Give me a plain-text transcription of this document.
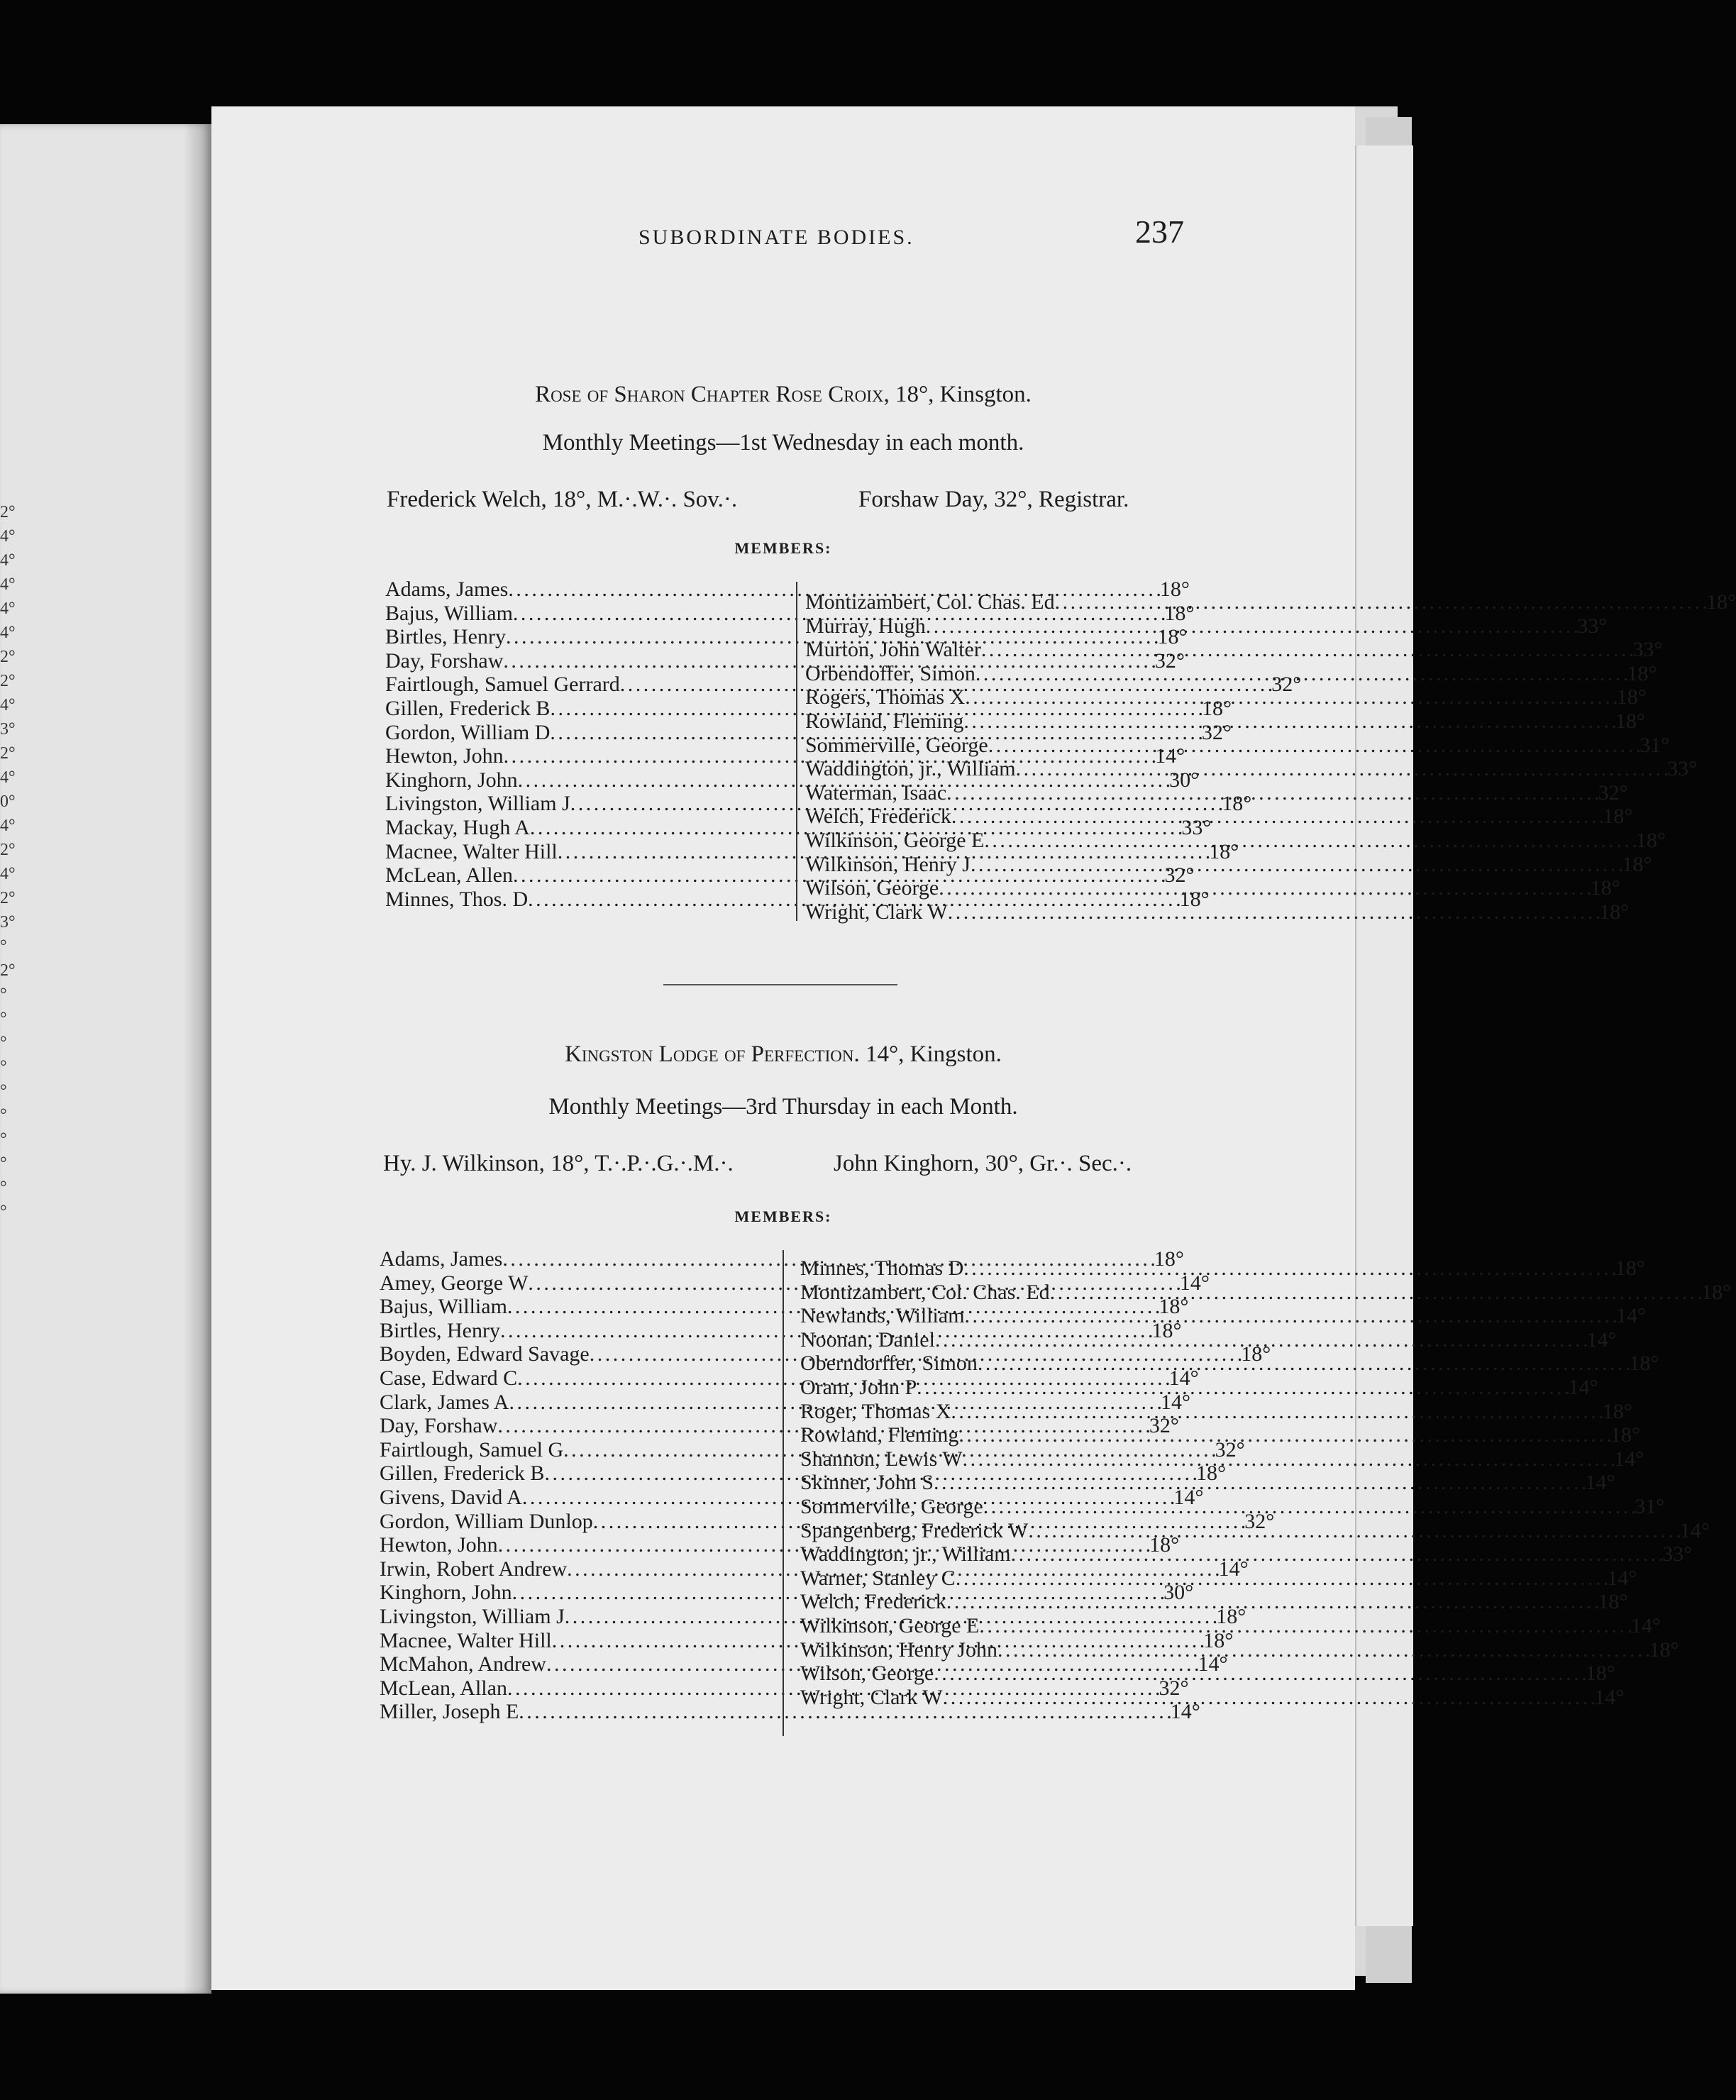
2°
4°
4°
4°
4°
4°
2°
2°
4°
3°
2°
4°
0°
4°
2°
4°
2°
3°
°
2°
°
°
°
°
°
°
°
°
°
°
SUBORDINATE BODIES.	237
Rose of Sharon Chapter Rose Croix, 18°, Kinsgton.
Monthly Meetings—1st Wednesday in each month.
Frederick Welch, 18°, M.·.W.·. Sov.·.	Forshaw Day, 32°, Registrar.
MEMBERS:
Adams, James . . .	18°
Bajus, William . . .	18°
Birtles, Henry . . .	18°
Day, Forshaw . . .	32°
Fairtlough, Samuel Gerrard . . .	32°
Gillen, Frederick B . . .	18°
Gordon, William D . . .	32°
Hewton, John . . .	14°
Kinghorn, John . . .	30°
Livingston, William J . . .	18°
Mackay, Hugh A . . .	33°
Macnee, Walter Hill . . .	18°
McLean, Allen . . .	32°
Minnes, Thos. D . . .	18°
Montizambert, Col. Chas. Ed . . .	18°
Murray, Hugh . . .	33°
Murton, John Walter . . .	33°
Orbendoffer, Simon . . .	18°
Rogers, Thomas X . . .	18°
Rowland, Fleming . . .	18°
Sommerville, George . . .	31°
Waddington, jr., William . . .	33°
Waterman, Isaac . . .	32°
Welch, Frederick . . .	18°
Wilkinson, George E . . .	18°
Wilkinson, Henry J . . .	18°
Wilson, George . . .	18°
Wright, Clark W . . .	18°
Kingston Lodge of Perfection. 14°, Kingston.
Monthly Meetings—3rd Thursday in each Month.
Hy. J. Wilkinson, 18°, T.·.P.·.G.·.M.·.	John Kinghorn, 30°, Gr.·. Sec.·.
MEMBERS:
Adams, James . . .	18°
Amey, George W . . .	14°
Bajus, William . . .	18°
Birtles, Henry . . .	18°
Boyden, Edward Savage . . .	18°
Case, Edward C . . .	14°
Clark, James A . . .	14°
Day, Forshaw . . .	32°
Fairtlough, Samuel G . . .	32°
Gillen, Frederick B . . .	18°
Givens, David A . . .	14°
Gordon, William Dunlop . . .	32°
Hewton, John . . .	18°
Irwin, Robert Andrew . . .	14°
Kinghorn, John . . .	30°
Livingston, William J . . .	18°
Macnee, Walter Hill . . .	18°
McMahon, Andrew . . .	14°
McLean, Allan . . .	32°
Miller, Joseph E . . .	14°
Minnes, Thomas D . . .	18°
Montizambert, Col. Chas. Ed . . .	18°
Newlands, William . . .	14°
Noonan, Daniel . . .	14°
Oberndorffer, Simon . . .	18°
Oram, John P . . .	14°
Roger, Thomas X . . .	18°
Rowland, Fleming . . .	18°
Shannon, Lewis W . . .	14°
Skinner, John S . . .	14°
Sommerville, George . . .	31°
Spangenberg, Frederick W . . .	14°
Waddington, jr., William . . .	33°
Warner, Stanley C . . .	14°
Welch, Frederick . . .	18°
Wilkinson, George E . . .	14°
Wilkinson, Henry John . . .	18°
Wilson, George . . .	18°
Wright, Clark W . . .	14°
